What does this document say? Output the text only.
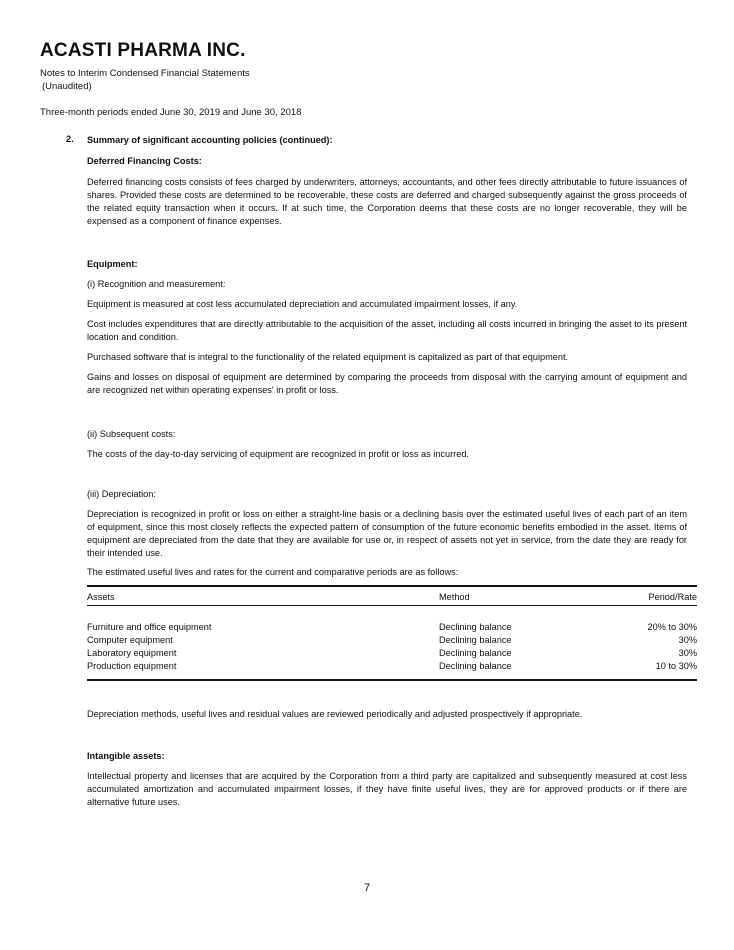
ACASTI PHARMA INC.
Notes to Interim Condensed Financial Statements
(Unaudited)
Three-month periods ended June 30, 2019 and June 30, 2018
2. Summary of significant accounting policies (continued):
Deferred Financing Costs:

Deferred financing costs consists of fees charged by underwriters, attorneys, accountants, and other fees directly attributable to future issuances of shares. Provided these costs are determined to be recoverable, these costs are deferred and charged subsequently against the gross proceeds of the related equity transaction when it occurs. If at such time, the Corporation deems that these costs are no longer recoverable, they will be expensed as a component of finance expenses.

Equipment:
(i) Recognition and measurement:

Equipment is measured at cost less accumulated depreciation and accumulated impairment losses, if any.

Cost includes expenditures that are directly attributable to the acquisition of the asset, including all costs incurred in bringing the asset to its present location and condition.

Purchased software that is integral to the functionality of the related equipment is capitalized as part of that equipment.

Gains and losses on disposal of equipment are determined by comparing the proceeds from disposal with the carrying amount of equipment and are recognized net within operating expenses' in profit or loss.

(ii) Subsequent costs:

The costs of the day-to-day servicing of equipment are recognized in profit or loss as incurred.

(iii) Depreciation:

Depreciation is recognized in profit or loss on either a straight-line basis or a declining basis over the estimated useful lives of each part of an item of equipment, since this most closely reflects the expected pattern of consumption of the future economic benefits embodied in the asset. Items of equipment are depreciated from the date that they are available for use or, in respect of assets not yet in service, from the date they are ready for their intended use.

The estimated useful lives and rates for the current and comparative periods are as follows:

Assets	Method	Period/Rate
Furniture and office equipment	Declining balance	20% to 30%
Computer equipment	Declining balance	30%
Laboratory equipment	Declining balance	30%
Production equipment	Declining balance	10 to 30%

Depreciation methods, useful lives and residual values are reviewed periodically and adjusted prospectively if appropriate.

Intangible assets:

Intellectual property and licenses that are acquired by the Corporation from a third party are capitalized and subsequently measured at cost less accumulated amortization and accumulated impairment losses, if they have finite useful lives, they are for approved products or if there are alternative future uses.

7
